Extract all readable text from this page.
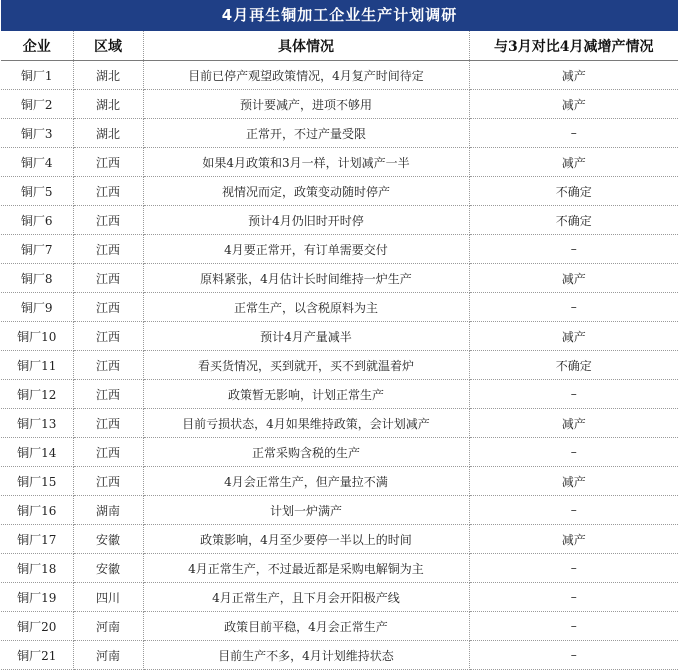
4月再生铜加工企业生产计划调研
企业	区域	具体情况	与3月对比4月减增产情况
铜厂1	湖北	目前已停产观望政策情况，4月复产时间待定	减产
铜厂2	湖北	预计要减产，进项不够用	减产
铜厂3	湖北	正常开，不过产量受限	–
铜厂4	江西	如果4月政策和3月一样，计划减产一半	减产
铜厂5	江西	视情况而定，政策变动随时停产	不确定
铜厂6	江西	预计4月仍旧时开时停	不确定
铜厂7	江西	4月要正常开，有订单需要交付	–
铜厂8	江西	原料紧张，4月估计长时间维持一炉生产	减产
铜厂9	江西	正常生产，以含税原料为主	–
铜厂10	江西	预计4月产量减半	减产
铜厂11	江西	看买货情况，买到就开，买不到就温着炉	不确定
铜厂12	江西	政策暂无影响，计划正常生产	–
铜厂13	江西	目前亏损状态，4月如果维持政策，会计划减产	减产
铜厂14	江西	正常采购含税的生产	–
铜厂15	江西	4月会正常生产，但产量拉不满	减产
铜厂16	湖南	计划一炉满产	–
铜厂17	安徽	政策影响，4月至少要停一半以上的时间	减产
铜厂18	安徽	4月正常生产，不过最近都是采购电解铜为主	–
铜厂19	四川	4月正常生产，且下月会开阳极产线	–
铜厂20	河南	政策目前平稳，4月会正常生产	–
铜厂21	河南	目前生产不多，4月计划维持状态	–
